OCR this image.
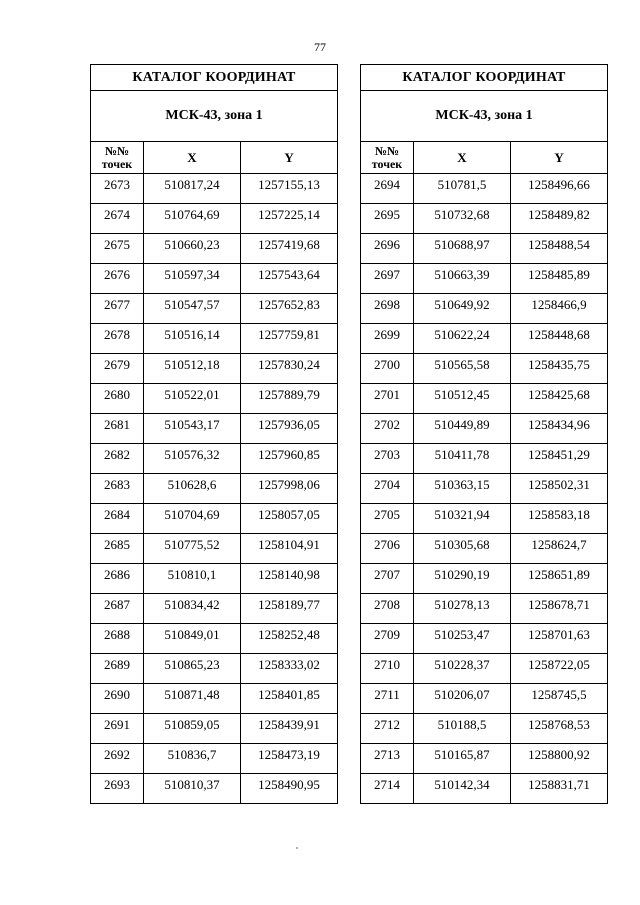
77
КАТАЛОГ КООРДИНАТ		
МСК-43, зона 1		
№№
точек	X	Y
2673	510817,24	1257155,13
2674	510764,69	1257225,14
2675	510660,23	1257419,68
2676	510597,34	1257543,64
2677	510547,57	1257652,83
2678	510516,14	1257759,81
2679	510512,18	1257830,24
2680	510522,01	1257889,79
2681	510543,17	1257936,05
2682	510576,32	1257960,85
2683	510628,6	1257998,06
2684	510704,69	1258057,05
2685	510775,52	1258104,91
2686	510810,1	1258140,98
2687	510834,42	1258189,77
2688	510849,01	1258252,48
2689	510865,23	1258333,02
2690	510871,48	1258401,85
2691	510859,05	1258439,91
2692	510836,7	1258473,19
2693	510810,37	1258490,95
КАТАЛОГ КООРДИНАТ		
МСК-43, зона 1		
№№
точек	X	Y
2694	510781,5	1258496,66
2695	510732,68	1258489,82
2696	510688,97	1258488,54
2697	510663,39	1258485,89
2698	510649,92	1258466,9
2699	510622,24	1258448,68
2700	510565,58	1258435,75
2701	510512,45	1258425,68
2702	510449,89	1258434,96
2703	510411,78	1258451,29
2704	510363,15	1258502,31
2705	510321,94	1258583,18
2706	510305,68	1258624,7
2707	510290,19	1258651,89
2708	510278,13	1258678,71
2709	510253,47	1258701,63
2710	510228,37	1258722,05
2711	510206,07	1258745,5
2712	510188,5	1258768,53
2713	510165,87	1258800,92
2714	510142,34	1258831,71
